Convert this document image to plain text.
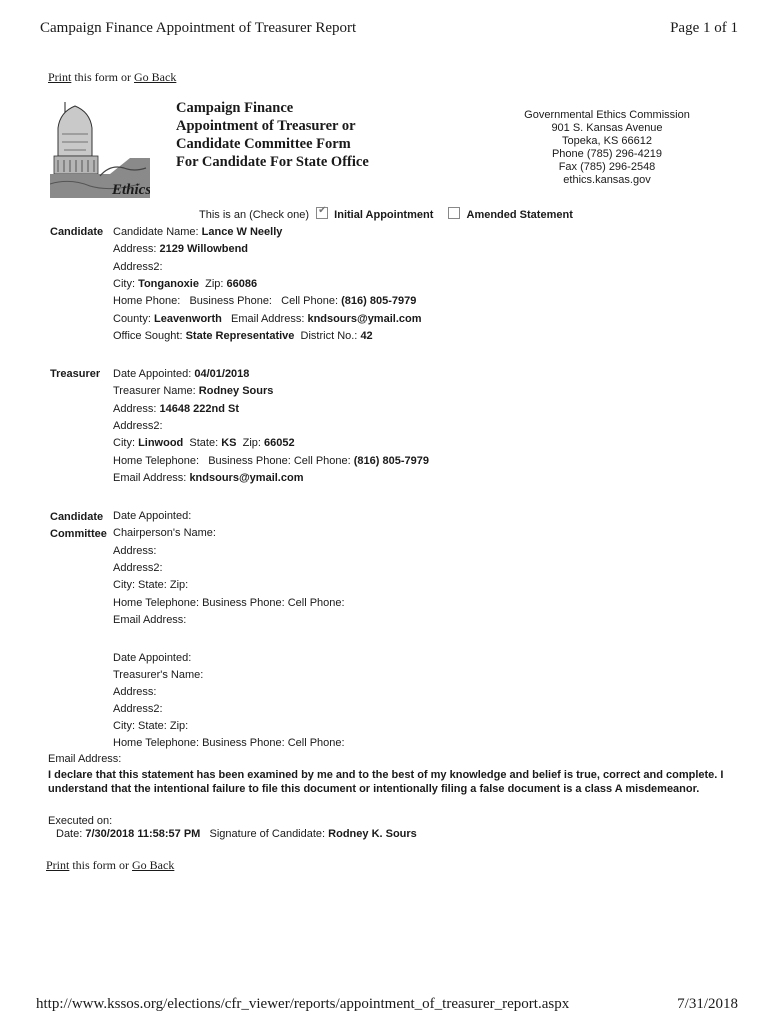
Campaign Finance Appointment of Treasurer Report	Page 1 of 1
Print this form or Go Back
Ethics
Campaign Finance
Appointment of Treasurer or
Candidate Committee Form
For Candidate For State Office
Governmental Ethics Commission
901 S. Kansas Avenue
Topeka, KS 66612
Phone (785) 296-4219
Fax (785) 296-2548
ethics.kansas.gov
This is an (Check one) ✔ Initial Appointment	Amended Statement
Candidate Candidate Name: Lance W Neelly
Address: 2129 Willowbend
Address2:
City: Tonganoxie Zip: 66086
Home Phone: Business Phone: Cell Phone: (816) 805-7979
County: Leavenworth Email Address: kndsours@ymail.com
Office Sought: State Representative District No.: 42
Treasurer Date Appointed: 04/01/2018
Treasurer Name: Rodney Sours
Address: 14648 222nd St
Address2:
City: Linwood State: KS Zip: 66052
Home Telephone: Business Phone: Cell Phone: (816) 805-7979
Email Address: kndsours@ymail.com
Candidate
Committee
Date Appointed:
Chairperson's Name:
Address:
Address2:
City: State: Zip:
Home Telephone: Business Phone: Cell Phone:
Email Address:
Date Appointed:
Treasurer's Name:
Address:
Address2:
City: State: Zip:
Home Telephone: Business Phone: Cell Phone:
Email Address:
I declare that this statement has been examined by me and to the best of my knowledge and belief is true, correct and complete. I understand that the intentional failure to file this document or intentionally filing a false document is a class A misdemeanor.
Executed on:
Date: 7/30/2018 11:58:57 PM Signature of Candidate: Rodney K. Sours
Print this form or Go Back
http://www.kssos.org/elections/cfr_viewer/reports/appointment_of_treasurer_report.aspx	7/31/2018
